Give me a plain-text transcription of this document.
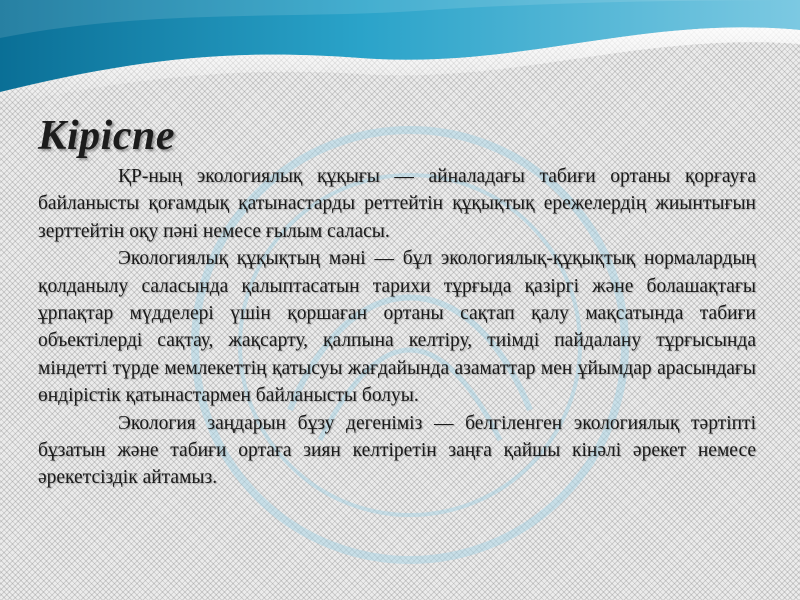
Кіріспе

ҚР-ның экологиялық құқығы — айналадағы табиғи ортаны қорғауға байланысты қоғамдық қатынастарды реттейтін құқықтық ережелердің жиынтығын зерттейтін оқу пәні немесе ғылым саласы.

Экологиялық құқықтың мәні — бұл экологиялық-құқықтық нормалардың қолданылу саласында қалыптасатын тарихи тұрғыда қазіргі және болашақтағы ұрпақтар мүдделері үшін қоршаған ортаны сақтап қалу мақсатында табиғи объектілерді сақтау, жақсарту, қалпына келтіру, тиімді пайдалану тұрғысында міндетті түрде мемлекеттің қатысуы жағдайында азаматтар мен ұйымдар арасындағы өндірістік қатынастармен байланысты болуы.

Экология заңдарын бұзу дегеніміз — белгіленген экологиялық тәртіпті бұзатын және табиғи ортаға зиян келтіретін заңға қайшы кінәлі әрекет немесе әрекетсіздік айтамыз.
